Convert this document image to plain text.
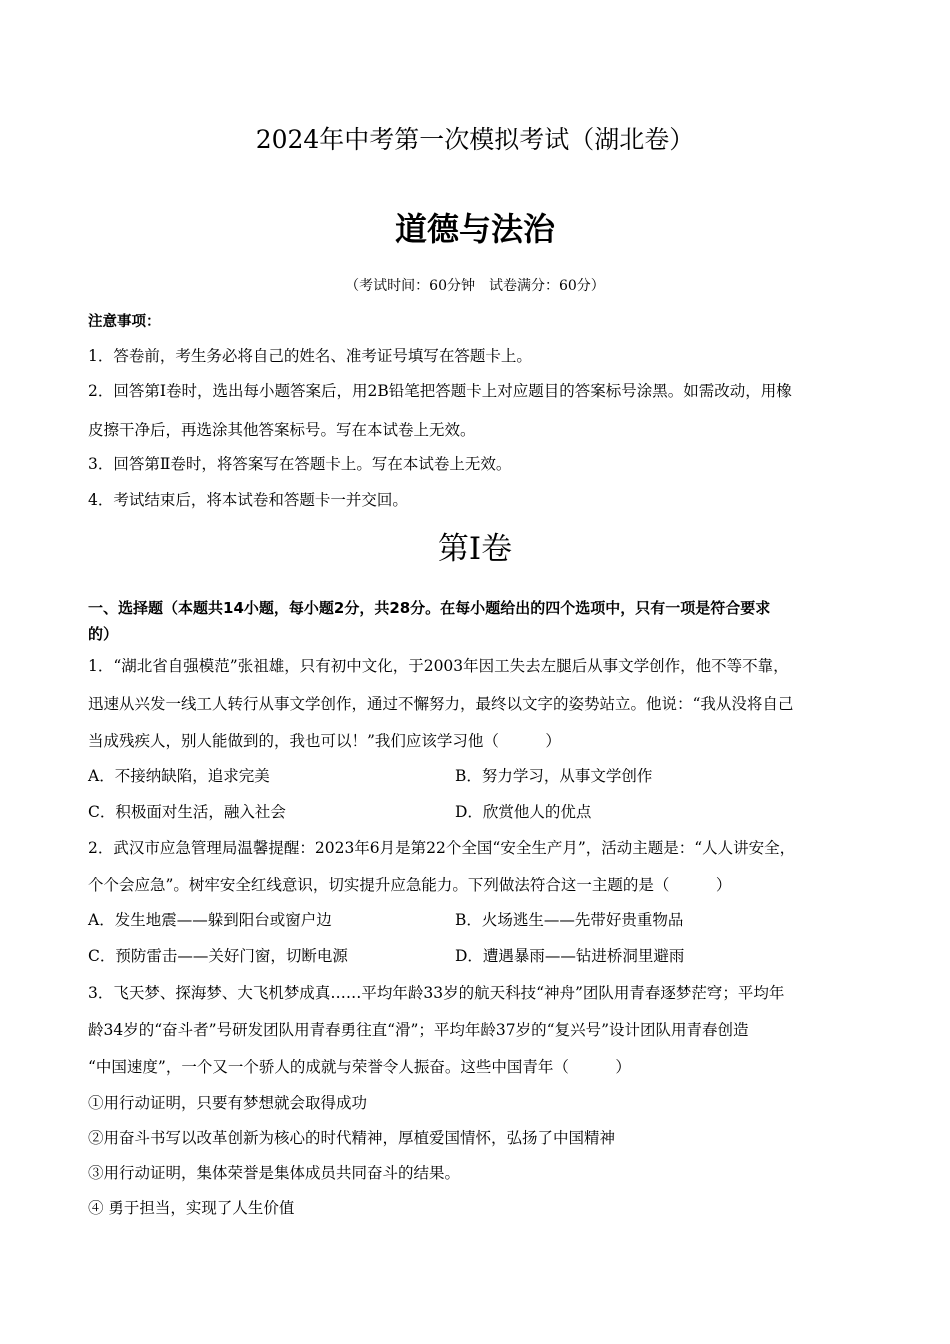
2024年中考第一次模拟考试（湖北卷）
道德与法治
（考试时间：60分钟　试卷满分：60分）
注意事项：
1．答卷前，考生务必将自己的姓名、准考证号填写在答题卡上。
2．回答第Ⅰ卷时，选出每小题答案后，用2B铅笔把答题卡上对应题目的答案标号涂黑。如需改动，用橡
皮擦干净后，再选涂其他答案标号。写在本试卷上无效。
3．回答第Ⅱ卷时，将答案写在答题卡上。写在本试卷上无效。
4．考试结束后，将本试卷和答题卡一并交回。
第Ⅰ卷
一、选择题（本题共14小题，每小题2分，共28分。在每小题给出的四个选项中，只有一项是符合要求
的）
1．“湖北省自强模范”张祖雄，只有初中文化，于2003年因工失去左腿后从事文学创作，他不等不靠，
迅速从兴发一线工人转行从事文学创作，通过不懈努力，最终以文字的姿势站立。他说：“我从没将自己
当成残疾人，别人能做到的，我也可以！”我们应该学习他（　　　）
A．不接纳缺陷，追求完美	B．努力学习，从事文学创作
C．积极面对生活，融入社会	D．欣赏他人的优点
2．武汉市应急管理局温馨提醒：2023年6月是第22个全国“安全生产月”，活动主题是：“人人讲安全，
个个会应急”。树牢安全红线意识，切实提升应急能力。下列做法符合这一主题的是（　　　）
A．发生地震——躲到阳台或窗户边	B．火场逃生——先带好贵重物品
C．预防雷击——关好门窗，切断电源	D．遭遇暴雨——钻进桥洞里避雨
3．飞天梦、探海梦、大飞机梦成真……平均年龄33岁的航天科技“神舟”团队用青春逐梦茫穹；平均年
龄34岁的“奋斗者”号研发团队用青春勇往直“滑”；平均年龄37岁的“复兴号”设计团队用青春创造
“中国速度”，一个又一个骄人的成就与荣誉令人振奋。这些中国青年（　　　）
①用行动证明，只要有梦想就会取得成功
②用奋斗书写以改革创新为核心的时代精神，厚植爱国情怀，弘扬了中国精神
③用行动证明，集体荣誉是集体成员共同奋斗的结果。
④ 勇于担当，实现了人生价值
